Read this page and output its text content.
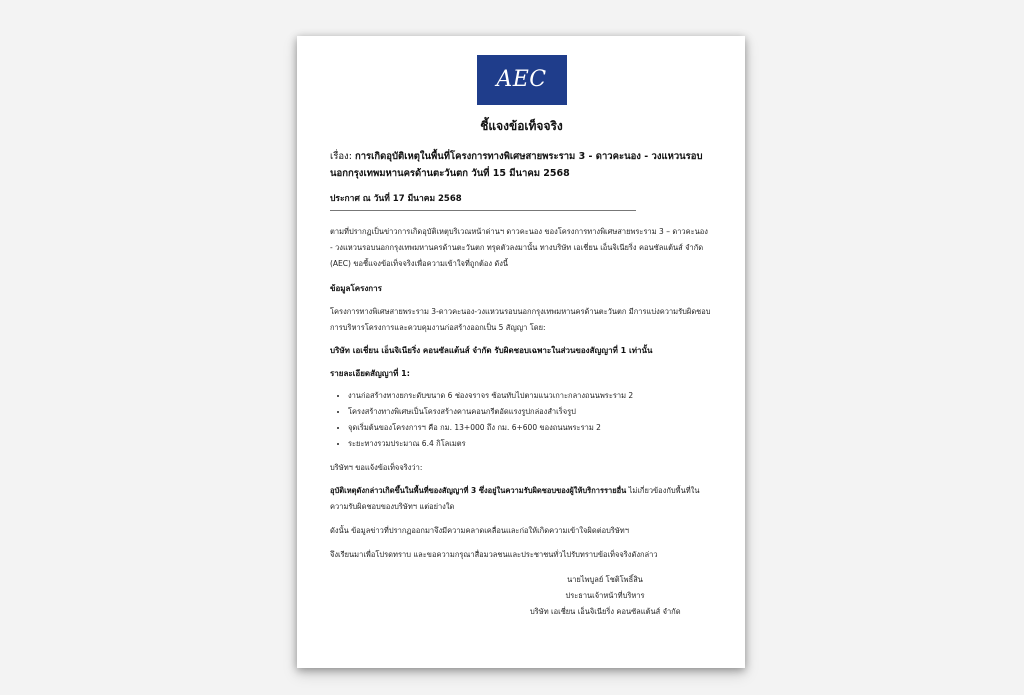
AEC
ชี้แจงข้อเท็จจริง
เรื่อง: การเกิดอุบัติเหตุในพื้นที่โครงการทางพิเศษสายพระราม 3 - ดาวคะนอง - วงแหวนรอบนอกกรุงเทพมหานครด้านตะวันตก วันที่ 15 มีนาคม 2568
ประกาศ ณ วันที่ 17 มีนาคม 2568

ตามที่ปรากฏเป็นข่าวการเกิดอุบัติเหตุบริเวณหน้าด่านฯ ดาวคะนอง ของโครงการทางพิเศษสายพระราม 3 – ดาวคะนอง - วงแหวนรอบนอกกรุงเทพมหานครด้านตะวันตก ทรุดตัวลงมานั้น ทางบริษัท เอเชี่ยน เอ็นจิเนียริ่ง คอนซัลแต้นส์ จำกัด (AEC) ขอชี้แจงข้อเท็จจริงเพื่อความเข้าใจที่ถูกต้อง ดังนี้

ข้อมูลโครงการ

โครงการทางพิเศษสายพระราม 3-ดาวคะนอง-วงแหวนรอบนอกกรุงเทพมหานครด้านตะวันตก มีการแบ่งความรับผิดชอบการบริหารโครงการและควบคุมงานก่อสร้างออกเป็น 5 สัญญา โดย:

บริษัท เอเชี่ยน เอ็นจิเนียริ่ง คอนซัลแต้นส์ จำกัด รับผิดชอบเฉพาะในส่วนของสัญญาที่ 1 เท่านั้น
รายละเอียดสัญญาที่ 1:
• งานก่อสร้างทางยกระดับขนาด 6 ช่องจราจร ซ้อนทับไปตามแนวเกาะกลางถนนพระราม 2
• โครงสร้างทางพิเศษเป็นโครงสร้างคานคอนกรีตอัดแรงรูปกล่องสำเร็จรูป
• จุดเริ่มต้นของโครงการฯ คือ กม. 13+000 ถึง กม. 6+600 ของถนนพระราม 2
• ระยะทางรวมประมาณ 6.4 กิโลเมตร

บริษัทฯ ขอแจ้งข้อเท็จจริงว่า:

อุบัติเหตุดังกล่าวเกิดขึ้นในพื้นที่ของสัญญาที่ 3 ซึ่งอยู่ในความรับผิดชอบของผู้ให้บริการรายอื่น ไม่เกี่ยวข้องกับพื้นที่ในความรับผิดชอบของบริษัทฯ แต่อย่างใด

ดังนั้น ข้อมูลข่าวที่ปรากฏออกมาจึงมีความคลาดเคลื่อนและก่อให้เกิดความเข้าใจผิดต่อบริษัทฯ

จึงเรียนมาเพื่อโปรดทราบ และขอความกรุณาสื่อมวลชนและประชาชนทั่วไปรับทราบข้อเท็จจริงดังกล่าว

นายไพบูลย์ โชติโพธิ์สิน
ประธานเจ้าหน้าที่บริหาร
บริษัท เอเชี่ยน เอ็นจิเนียริ่ง คอนซัลแต้นส์ จำกัด
